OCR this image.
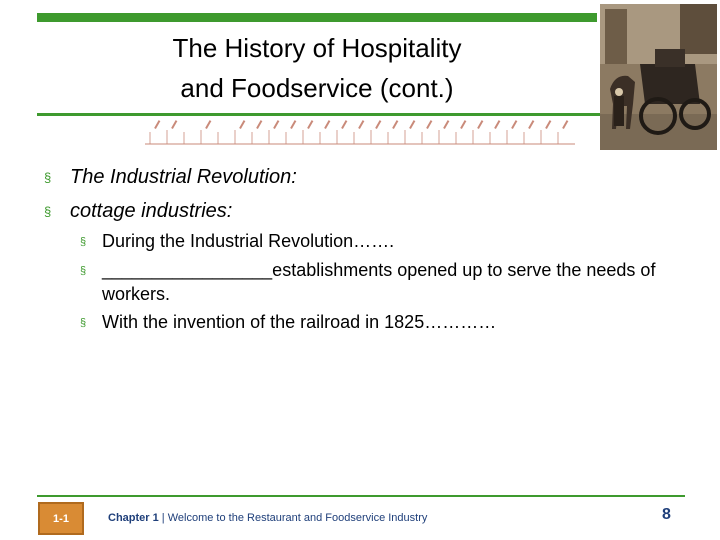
The History of Hospitality
and Foodservice (cont.)
§ The Industrial Revolution:
§ cottage industries:
§ During the Industrial Revolution…….
§ _________________establishments opened up to serve the needs of workers.
§ With the invention of the railroad in 1825…………
1-1	Chapter 1 | Welcome to the Restaurant and Foodservice Industry	8
